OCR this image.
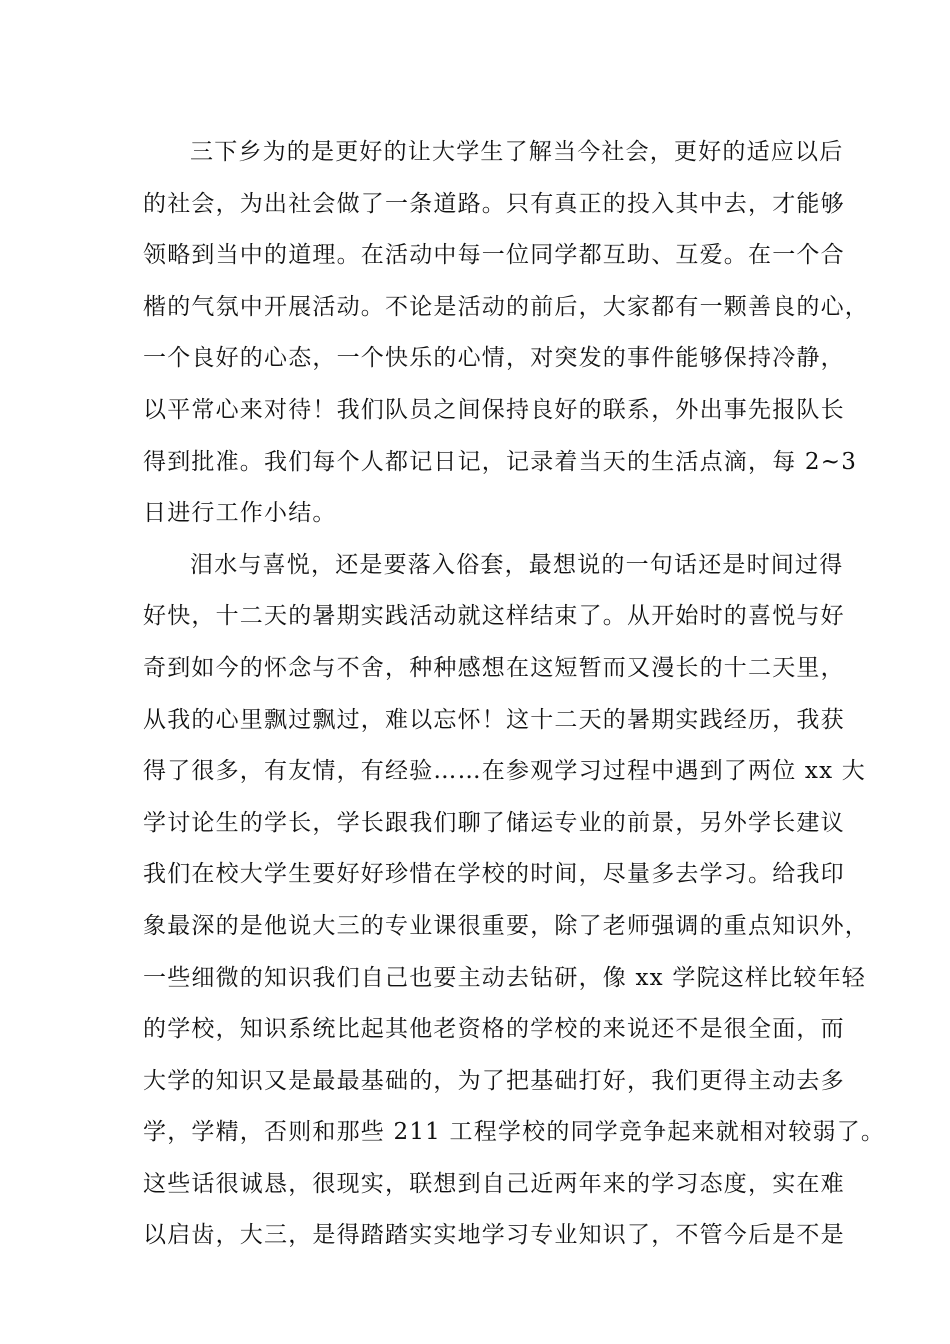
三下乡为的是更好的让大学生了解当今社会，更好的适应以后
的社会，为出社会做了一条道路。只有真正的投入其中去，才能够
领略到当中的道理。在活动中每一位同学都互助、互爱。在一个合
楷的气氛中开展活动。不论是活动的前后，大家都有一颗善良的心，
一个良好的心态，一个快乐的心情，对突发的事件能够保持冷静，
以平常心来对待！我们队员之间保持良好的联系，外出事先报队长
得到批准。我们每个人都记日记，记录着当天的生活点滴，每 2~3
日进行工作小结。
泪水与喜悦，还是要落入俗套，最想说的一句话还是时间过得
好快，十二天的暑期实践活动就这样结束了。从开始时的喜悦与好
奇到如今的怀念与不舍，种种感想在这短暂而又漫长的十二天里，
从我的心里飘过飘过，难以忘怀！这十二天的暑期实践经历，我获
得了很多，有友情，有经验……在参观学习过程中遇到了两位 xx 大
学讨论生的学长，学长跟我们聊了储运专业的前景，另外学长建议
我们在校大学生要好好珍惜在学校的时间，尽量多去学习。给我印
象最深的是他说大三的专业课很重要，除了老师强调的重点知识外，
一些细微的知识我们自己也要主动去钻研，像 xx 学院这样比较年轻
的学校，知识系统比起其他老资格的学校的来说还不是很全面，而
大学的知识又是最最基础的，为了把基础打好，我们更得主动去多
学，学精，否则和那些 211 工程学校的同学竞争起来就相对较弱了。
这些话很诚恳，很现实，联想到自己近两年来的学习态度，实在难
以启齿，大三，是得踏踏实实地学习专业知识了，不管今后是不是
